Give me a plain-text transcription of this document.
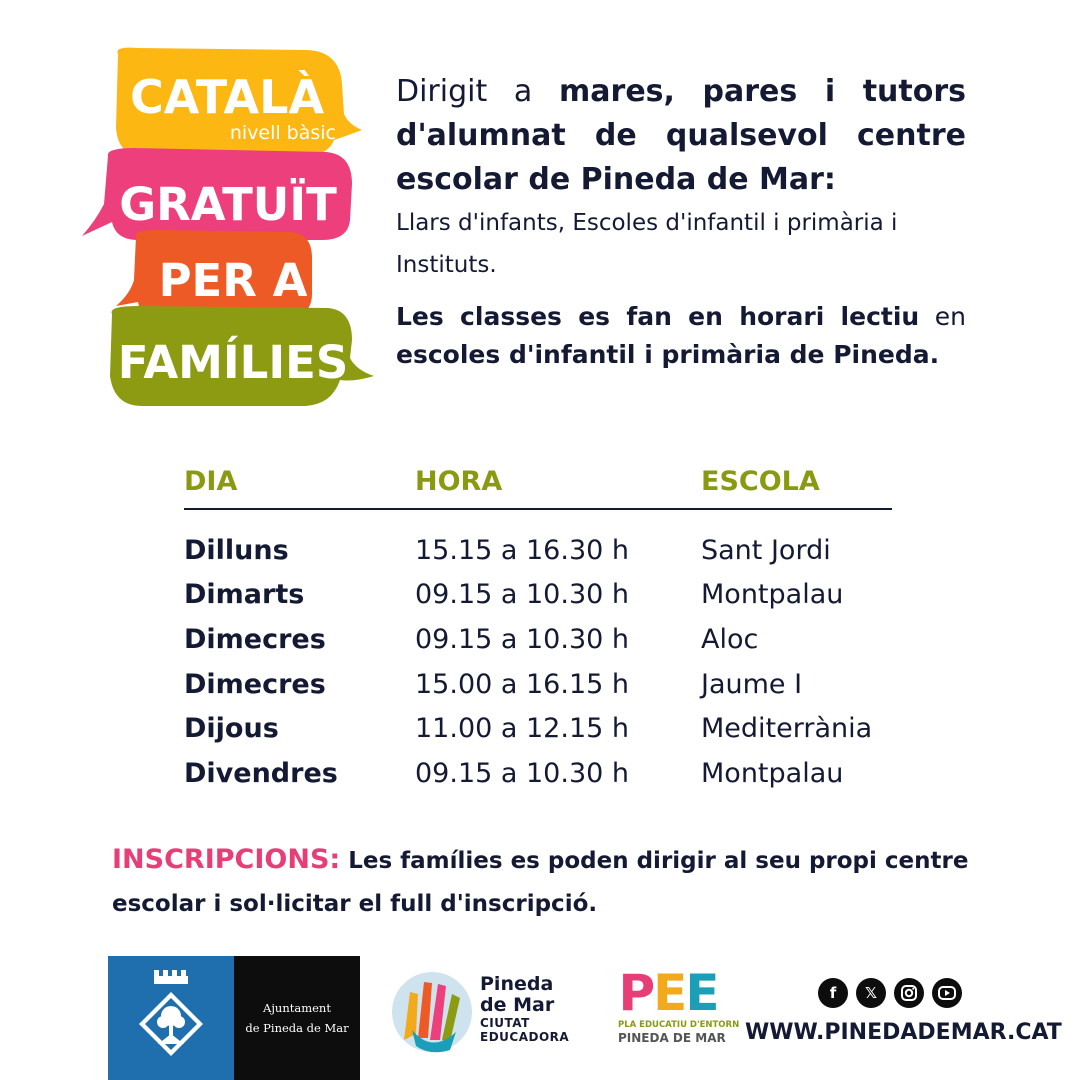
CATALÀ
nivell bàsic
GRATUÏT
PER A
FAMÍLIES

Dirigit a mares, pares i tutors d'alumnat de qualsevol centre escolar de Pineda de Mar:

Llars d'infants, Escoles d'infantil i primària i Instituts.

Les classes es fan en horari lectiu en escoles d'infantil i primària de Pineda.

DIA	HORA	ESCOLA
Dilluns	15.15 a 16.30 h	Sant Jordi
Dimarts	09.15 a 10.30 h	Montpalau
Dimecres	09.15 a 10.30 h	Aloc
Dimecres	15.00 a 16.15 h	Jaume I
Dijous	11.00 a 12.15 h	Mediterrània
Divendres	09.15 a 10.30 h	Montpalau

INSCRIPCIONS: Les famílies es poden dirigir al seu propi centre escolar i sol·licitar el full d'inscripció.

Ajuntament
de Pineda de Mar
Pineda
de Mar
CIUTAT
EDUCADORA
PEE
PLA EDUCATIU D'ENTORN
PINEDA DE MAR
f	𝕏
WWW.PINEDADEMAR.CAT
